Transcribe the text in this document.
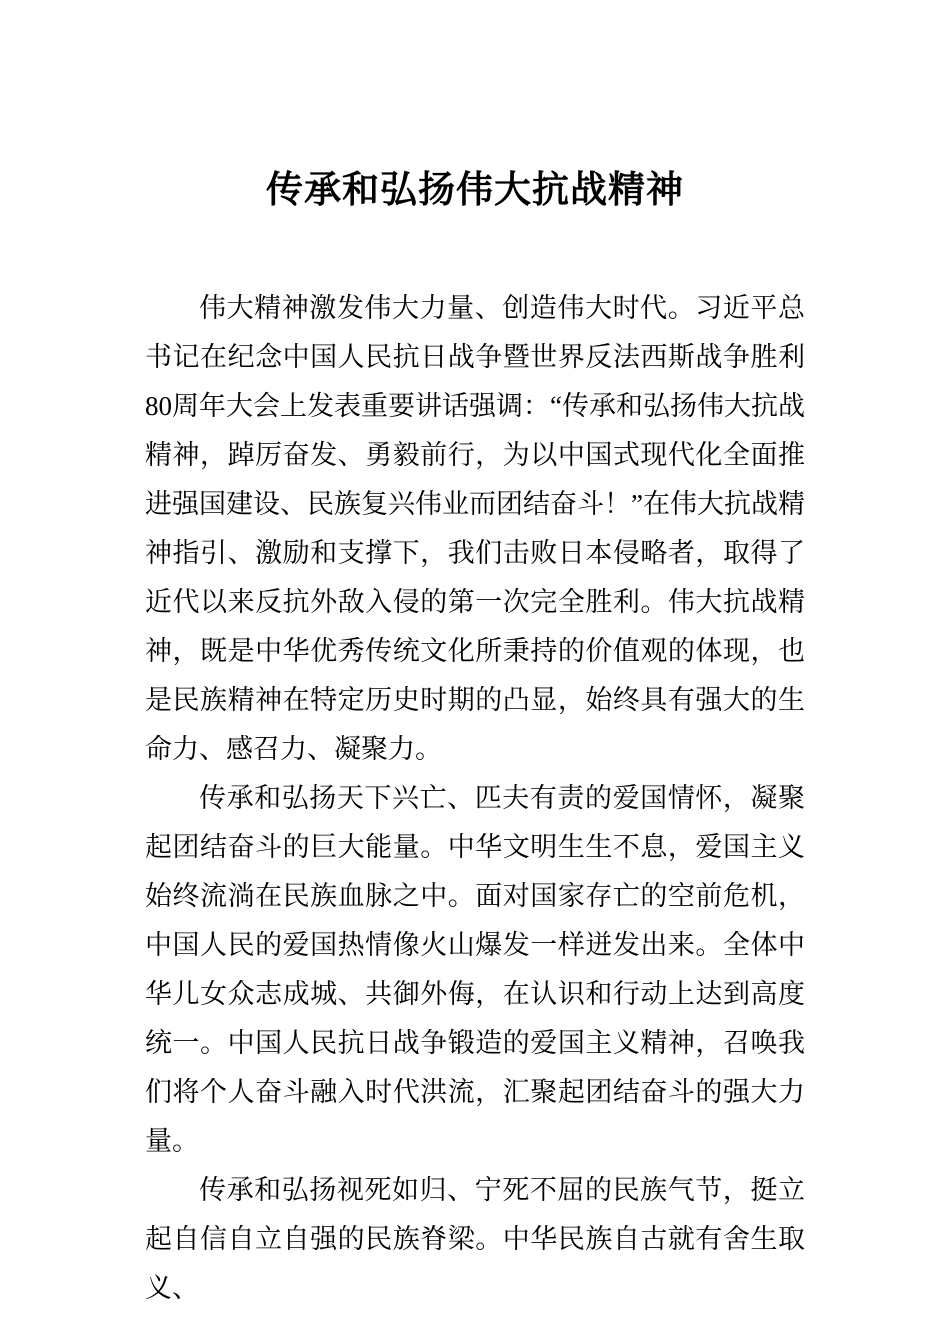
传承和弘扬伟大抗战精神

伟大精神激发伟大力量、创造伟大时代。习近平总书记在纪念中国人民抗日战争暨世界反法西斯战争胜利80周年大会上发表重要讲话强调：“传承和弘扬伟大抗战精神，踔厉奋发、勇毅前行，为以中国式现代化全面推进强国建设、民族复兴伟业而团结奋斗！”在伟大抗战精神指引、激励和支撑下，我们击败日本侵略者，取得了近代以来反抗外敌入侵的第一次完全胜利。伟大抗战精神，既是中华优秀传统文化所秉持的价值观的体现，也是民族精神在特定历史时期的凸显，始终具有强大的生命力、感召力、凝聚力。

传承和弘扬天下兴亡、匹夫有责的爱国情怀，凝聚起团结奋斗的巨大能量。中华文明生生不息，爱国主义始终流淌在民族血脉之中。面对国家存亡的空前危机，中国人民的爱国热情像火山爆发一样迸发出来。全体中华儿女众志成城、共御外侮，在认识和行动上达到高度统一。中国人民抗日战争锻造的爱国主义精神，召唤我们将个人奋斗融入时代洪流，汇聚起团结奋斗的强大力量。

传承和弘扬视死如归、宁死不屈的民族气节，挺立起自信自立自强的民族脊梁。中华民族自古就有舍生取义、
